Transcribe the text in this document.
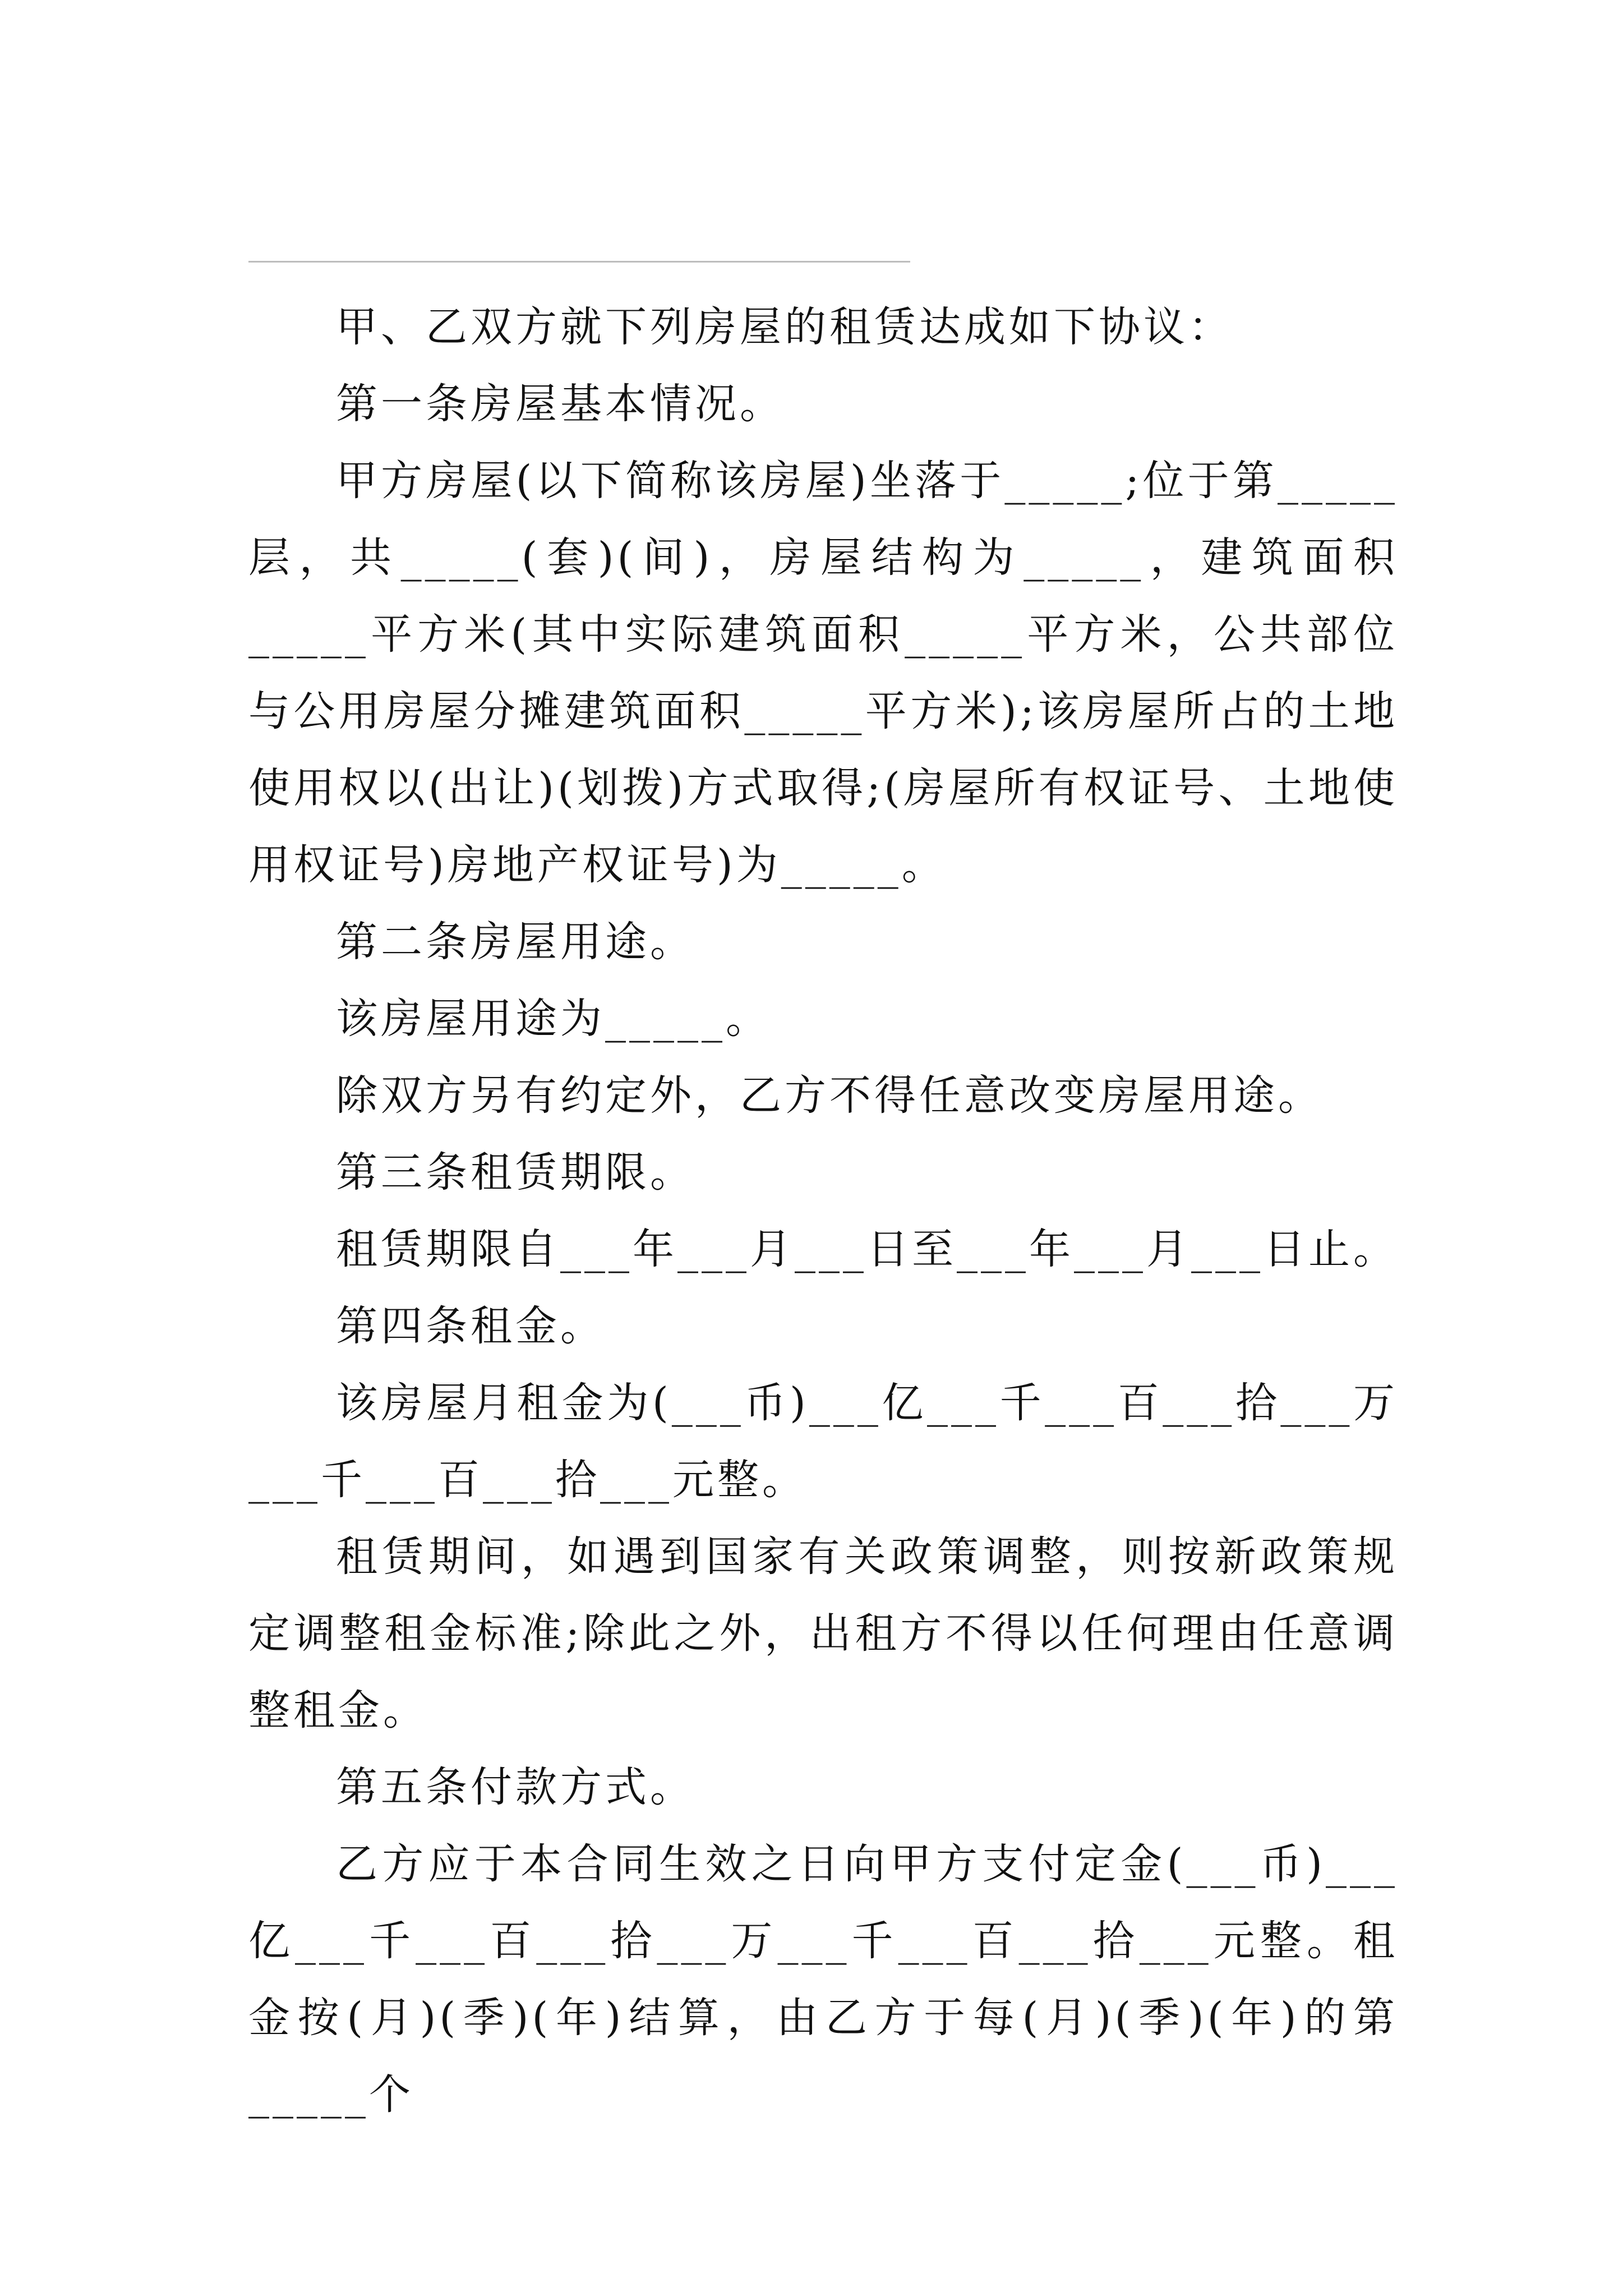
甲、乙双方就下列房屋的租赁达成如下协议：

第一条房屋基本情况。

甲方房屋(以下简称该房屋)坐落于_____;位于第_____层，共_____(套)(间)，房屋结构为_____，建筑面积_____平方米(其中实际建筑面积_____平方米，公共部位与公用房屋分摊建筑面积_____平方米);该房屋所占的土地使用权以(出让)(划拨)方式取得;(房屋所有权证号、土地使用权证号)房地产权证号)为_____。

第二条房屋用途。

该房屋用途为_____。

除双方另有约定外，乙方不得任意改变房屋用途。

第三条租赁期限。

租赁期限自___年___月___日至___年___月___日止。

第四条租金。

该房屋月租金为(___币)___亿___千___百___拾___万___千___百___拾___元整。

租赁期间，如遇到国家有关政策调整，则按新政策规定调整租金标准;除此之外，出租方不得以任何理由任意调整租金。

第五条付款方式。

乙方应于本合同生效之日向甲方支付定金(___币)___亿___千___百___拾___万___千___百___拾___元整。租金按(月)(季)(年)结算，由乙方于每(月)(季)(年)的第_____个
